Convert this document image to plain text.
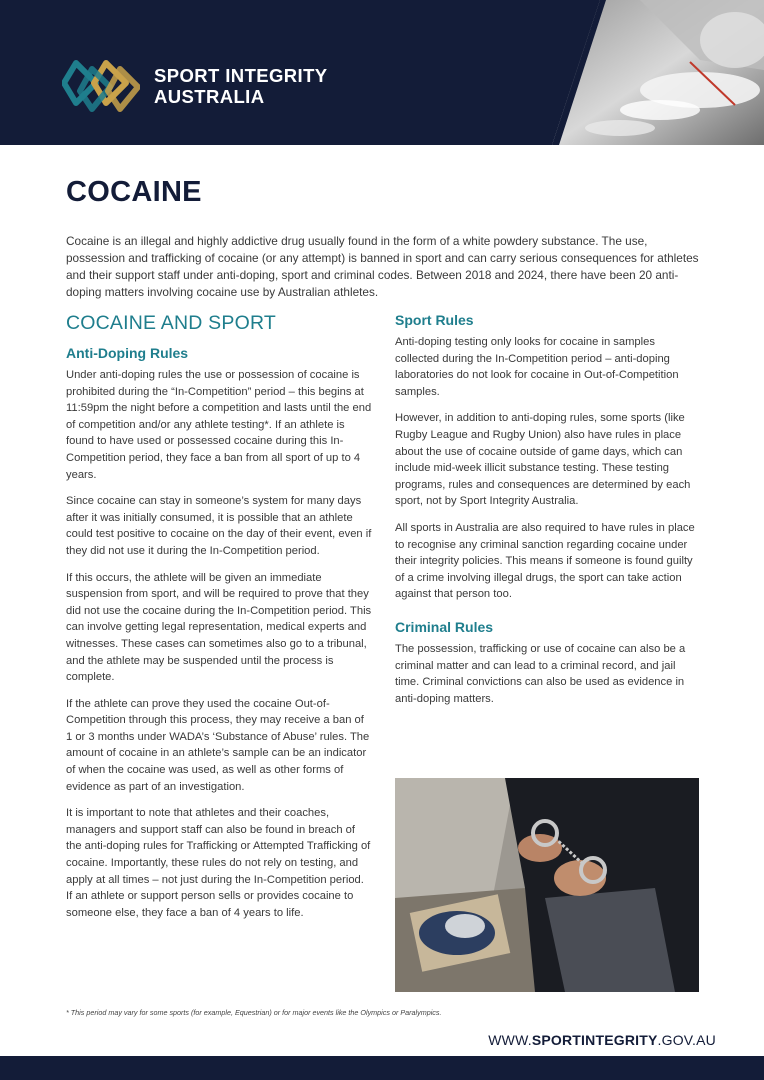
SPORT INTEGRITY
AUSTRALIA
COCAINE

Cocaine is an illegal and highly addictive drug usually found in the form of a white powdery substance. The use, possession and trafficking of cocaine (or any attempt) is banned in sport and can carry serious consequences for athletes and their support staff under anti-doping, sport and criminal codes. Between 2018 and 2024, there have been 20 anti-doping matters involving cocaine use by Australian athletes.

COCAINE AND SPORT
Anti-Doping Rules

Under anti-doping rules the use or possession of cocaine is prohibited during the “In-Competition” period – this begins at 11:59pm the night before a competition and lasts until the end of competition and/or any athlete testing*. If an athlete is found to have used or possessed cocaine during this In-Competition period, they face a ban from all sport of up to 4 years.

Since cocaine can stay in someone’s system for many days after it was initially consumed, it is possible that an athlete could test positive to cocaine on the day of their event, even if they did not use it during the In-Competition period.

If this occurs, the athlete will be given an immediate suspension from sport, and will be required to prove that they did not use the cocaine during the In-Competition period. This can involve getting legal representation, medical experts and witnesses. These cases can sometimes also go to a tribunal, and the athlete may be suspended until the process is complete.

If the athlete can prove they used the cocaine Out-of-Competition through this process, they may receive a ban of 1 or 3 months under WADA’s ‘Substance of Abuse’ rules. The amount of cocaine in an athlete’s sample can be an indicator of when the cocaine was used, as well as other forms of evidence as part of an investigation.

It is important to note that athletes and their coaches, managers and support staff can also be found in breach of the anti-doping rules for Trafficking or Attempted Trafficking of cocaine. Importantly, these rules do not rely on testing, and apply at all times – not just during the In-Competition period. If an athlete or support person sells or provides cocaine to someone else, they face a ban of 4 years to life.

Sport Rules

Anti-doping testing only looks for cocaine in samples collected during the In-Competition period – anti-doping laboratories do not look for cocaine in Out-of-Competition samples.

However, in addition to anti-doping rules, some sports (like Rugby League and Rugby Union) also have rules in place about the use of cocaine outside of game days, which can include mid-week illicit substance testing. These testing programs, rules and consequences are determined by each sport, not by Sport Integrity Australia.

All sports in Australia are also required to have rules in place to recognise any criminal sanction regarding cocaine under their integrity policies. This means if someone is found guilty of a crime involving illegal drugs, the sport can take action against that person too.

Criminal Rules

The possession, trafficking or use of cocaine can also be a criminal matter and can lead to a criminal record, and jail time. Criminal convictions can also be used as evidence in anti-doping matters.

* This period may vary for some sports (for example, Equestrian) or for major events like the Olympics or Paralympics.
WWW.SPORTINTEGRITY.GOV.AU
